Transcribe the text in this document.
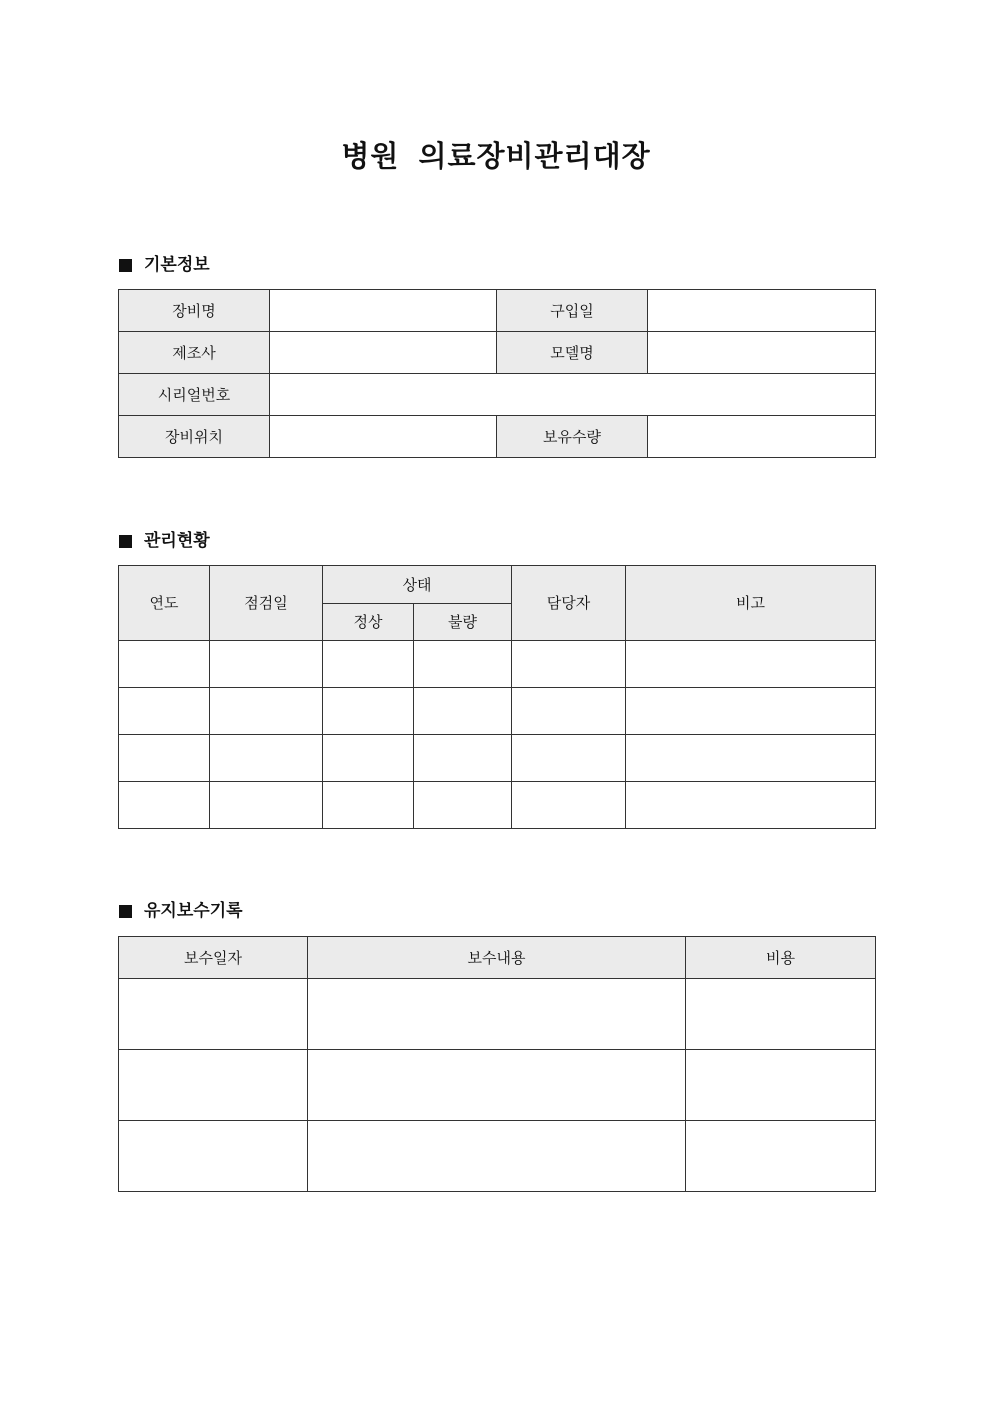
병원 의료장비관리대장
기본정보
장비명		구입일	
제조사		모델명	
시리얼번호			
장비위치		보유수량	
관리현황
연도	점검일	상태		담당자	비고
		정상	불량		

유지보수기록
보수일자	보수내용	비용
